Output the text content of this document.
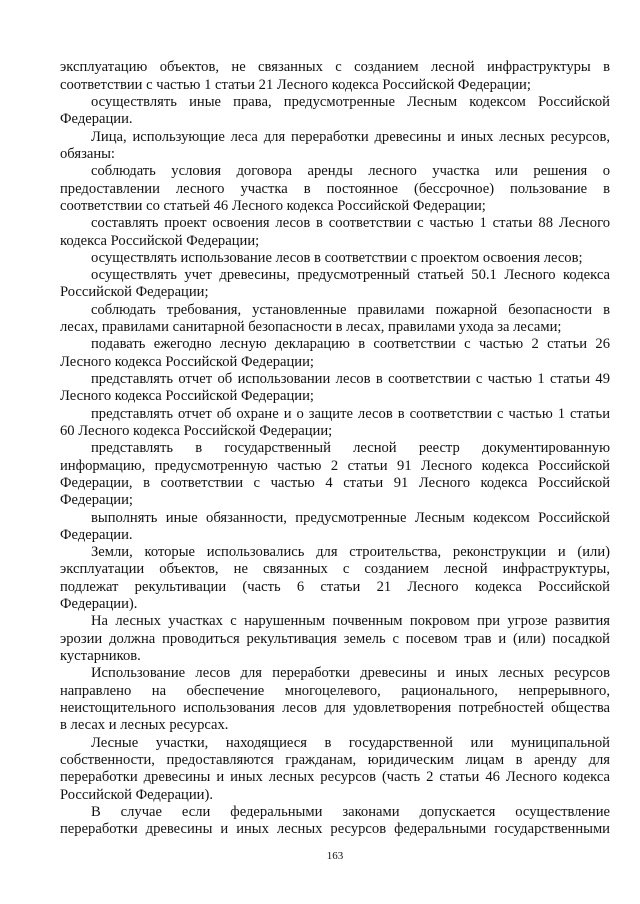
эксплуатацию объектов, не связанных с созданием лесной инфраструктуры в
соответствии с частью 1 статьи 21 Лесного кодекса Российской Федерации;
осуществлять иные права, предусмотренные Лесным кодексом Российской
Федерации.
Лица, использующие леса для переработки древесины и иных лесных ресурсов,
обязаны:
соблюдать условия договора аренды лесного участка или решения о
предоставлении лесного участка в постоянное (бессрочное) пользование в
соответствии со статьей 46 Лесного кодекса Российской Федерации;
составлять проект освоения лесов в соответствии с частью 1 статьи 88 Лесного
кодекса Российской Федерации;
осуществлять использование лесов в соответствии с проектом освоения лесов;
осуществлять учет древесины, предусмотренный статьей 50.1 Лесного кодекса
Российской Федерации;
соблюдать требования, установленные правилами пожарной безопасности в
лесах, правилами санитарной безопасности в лесах, правилами ухода за лесами;
подавать ежегодно лесную декларацию в соответствии с частью 2 статьи 26
Лесного кодекса Российской Федерации;
представлять отчет об использовании лесов в соответствии с частью 1 статьи 49
Лесного кодекса Российской Федерации;
представлять отчет об охране и о защите лесов в соответствии с частью 1 статьи
60 Лесного кодекса Российской Федерации;
представлять в государственный лесной реестр документированную
информацию, предусмотренную частью 2 статьи 91 Лесного кодекса Российской
Федерации, в соответствии с частью 4 статьи 91 Лесного кодекса Российской
Федерации;
выполнять иные обязанности, предусмотренные Лесным кодексом Российской
Федерации.
Земли, которые использовались для строительства, реконструкции и (или)
эксплуатации объектов, не связанных с созданием лесной инфраструктуры,
подлежат рекультивации (часть 6 статьи 21 Лесного кодекса Российской
Федерации).
На лесных участках с нарушенным почвенным покровом при угрозе развития
эрозии должна проводиться рекультивация земель с посевом трав и (или) посадкой
кустарников.
Использование лесов для переработки древесины и иных лесных ресурсов
направлено на обеспечение многоцелевого, рационального, непрерывного,
неистощительного использования лесов для удовлетворения потребностей общества
в лесах и лесных ресурсах.
Лесные участки, находящиеся в государственной или муниципальной
собственности, предоставляются гражданам, юридическим лицам в аренду для
переработки древесины и иных лесных ресурсов (часть 2 статьи 46 Лесного кодекса
Российской Федерации).
В случае если федеральными законами допускается осуществление
переработки древесины и иных лесных ресурсов федеральными государственными
163
